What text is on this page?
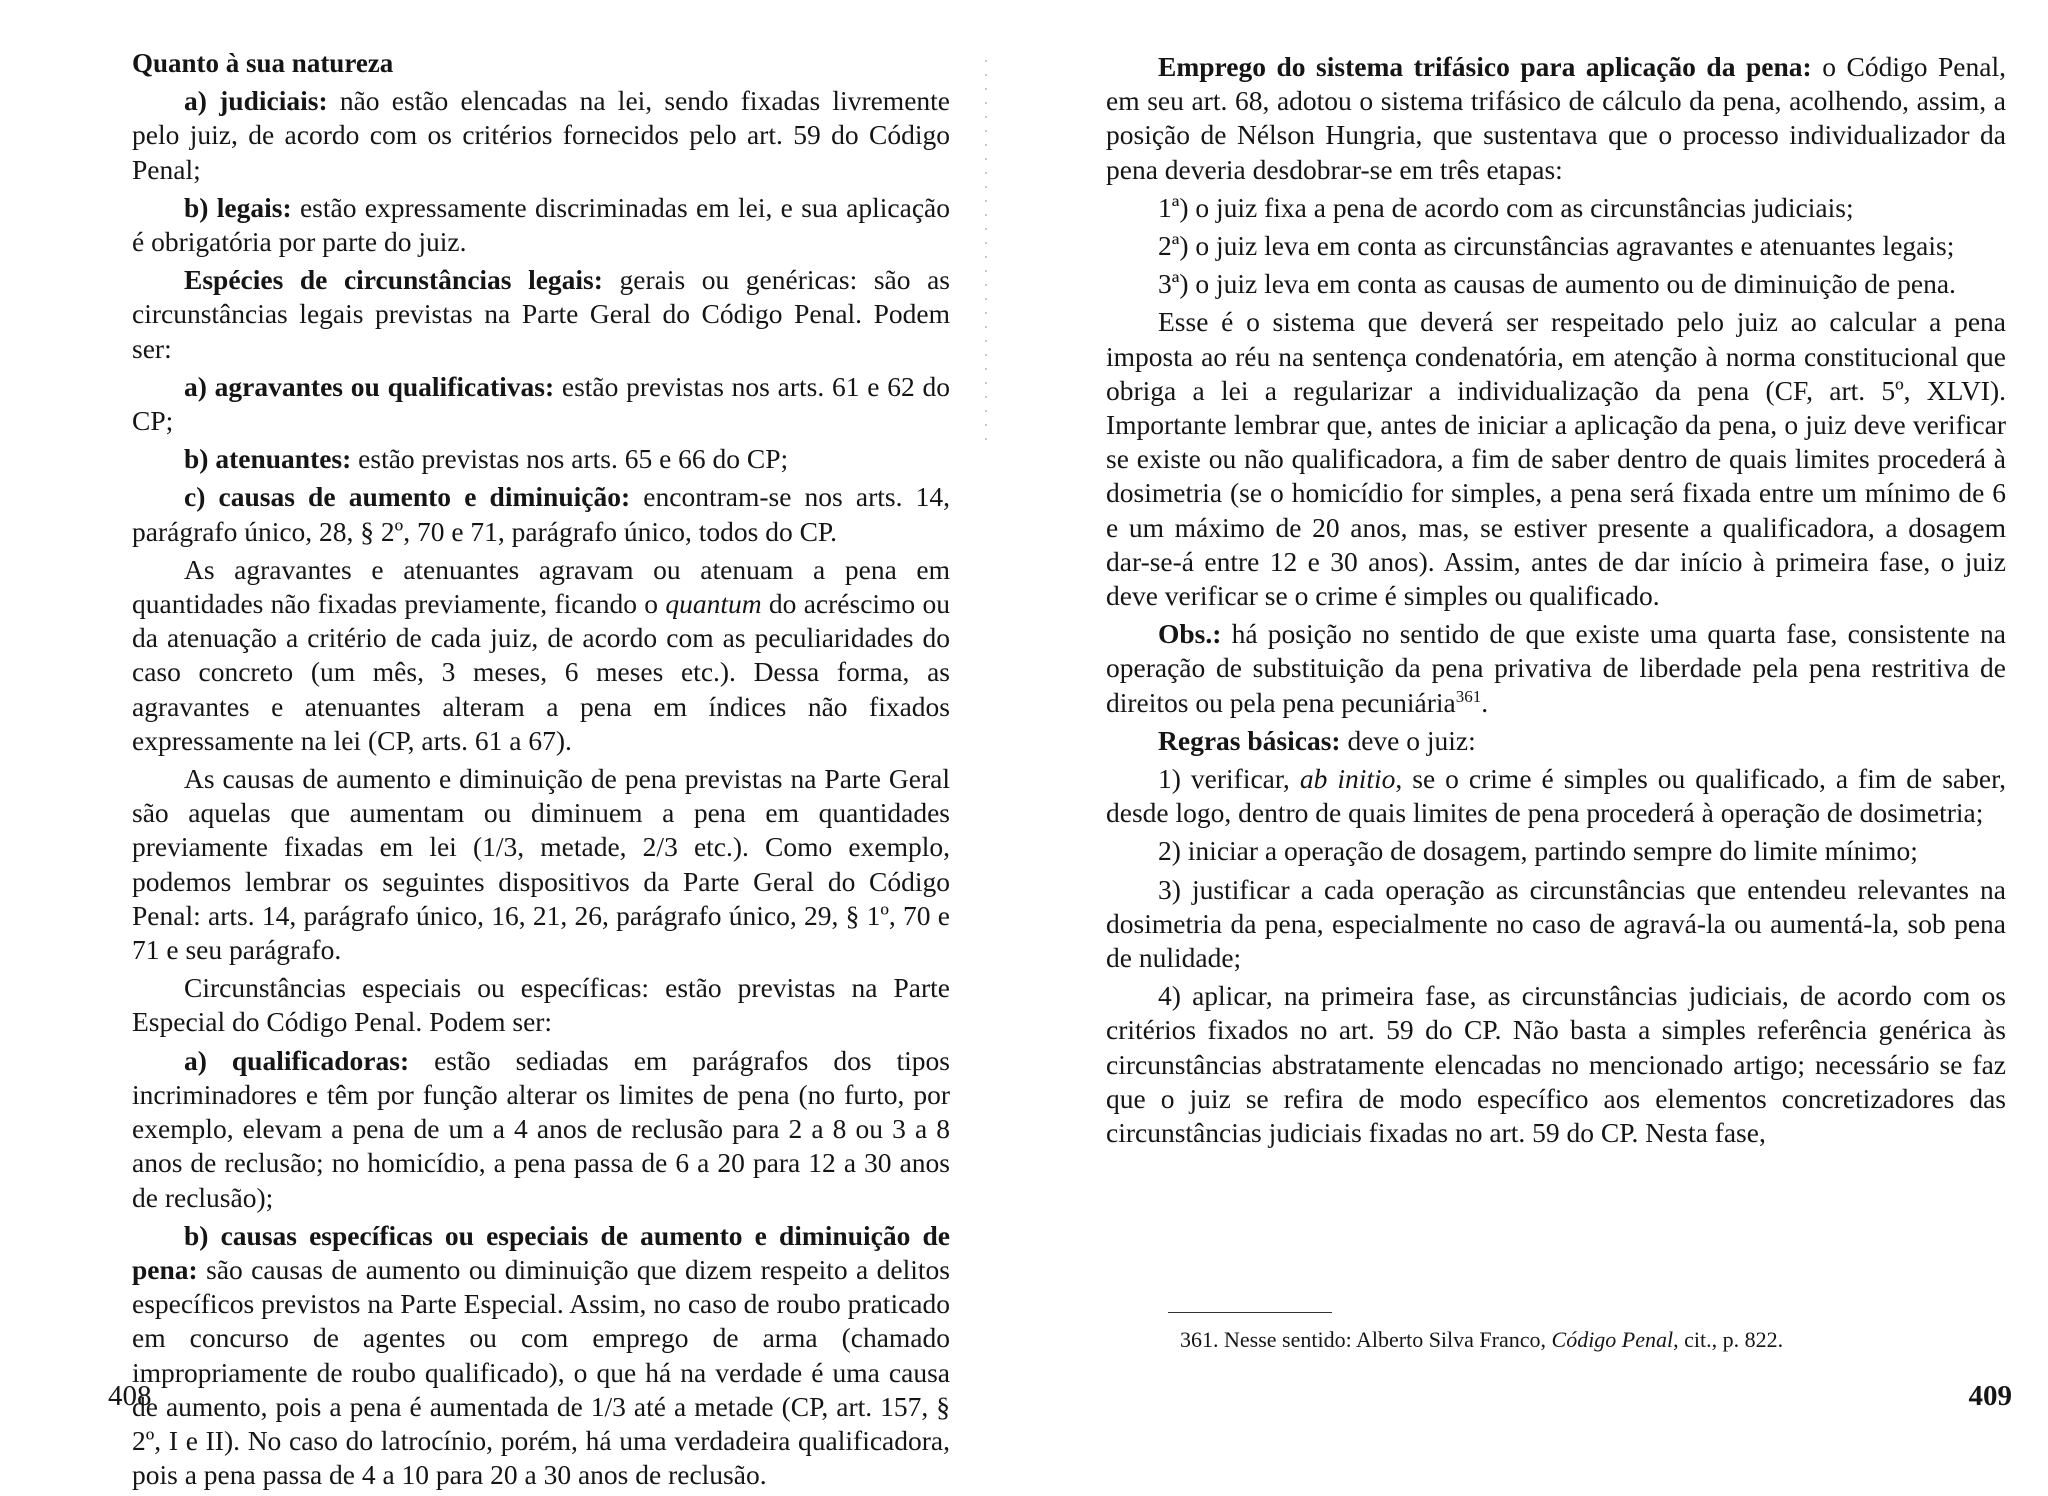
Quanto à sua natureza

a) judiciais: não estão elencadas na lei, sendo fixadas livremente pelo juiz, de acordo com os critérios fornecidos pelo art. 59 do Código Penal;

b) legais: estão expressamente discriminadas em lei, e sua aplicação é obrigatória por parte do juiz.

Espécies de circunstâncias legais: gerais ou genéricas: são as circunstâncias legais previstas na Parte Geral do Código Penal. Podem ser:

a) agravantes ou qualificativas: estão previstas nos arts. 61 e 62 do CP;

b) atenuantes: estão previstas nos arts. 65 e 66 do CP;

c) causas de aumento e diminuição: encontram-se nos arts. 14, parágrafo único, 28, § 2º, 70 e 71, parágrafo único, todos do CP.

As agravantes e atenuantes agravam ou atenuam a pena em quantidades não fixadas previamente, ficando o quantum do acréscimo ou da atenuação a critério de cada juiz, de acordo com as peculiaridades do caso concreto (um mês, 3 meses, 6 meses etc.). Dessa forma, as agravantes e atenuantes alteram a pena em índices não fixados expressamente na lei (CP, arts. 61 a 67).

As causas de aumento e diminuição de pena previstas na Parte Geral são aquelas que aumentam ou diminuem a pena em quantidades previamente fixadas em lei (1/3, metade, 2/3 etc.). Como exemplo, podemos lembrar os seguintes dispositivos da Parte Geral do Código Penal: arts. 14, parágrafo único, 16, 21, 26, parágrafo único, 29, § 1º, 70 e 71 e seu parágrafo.

Circunstâncias especiais ou específicas: estão previstas na Parte Especial do Código Penal. Podem ser:

a) qualificadoras: estão sediadas em parágrafos dos tipos incriminadores e têm por função alterar os limites de pena (no furto, por exemplo, elevam a pena de um a 4 anos de reclusão para 2 a 8 ou 3 a 8 anos de reclusão; no homicídio, a pena passa de 6 a 20 para 12 a 30 anos de reclusão);

b) causas específicas ou especiais de aumento e diminuição de pena: são causas de aumento ou diminuição que dizem respeito a delitos específicos previstos na Parte Especial. Assim, no caso de roubo praticado em concurso de agentes ou com emprego de arma (chamado impropriamente de roubo qualificado), o que há na verdade é uma causa de aumento, pois a pena é aumentada de 1/3 até a metade (CP, art. 157, § 2º, I e II). No caso do latrocínio, porém, há uma verdadeira qualificadora, pois a pena passa de 4 a 10 para 20 a 30 anos de reclusão.

408

Emprego do sistema trifásico para aplicação da pena: o Código Penal, em seu art. 68, adotou o sistema trifásico de cálculo da pena, acolhendo, assim, a posição de Nélson Hungria, que sustentava que o processo individualizador da pena deveria desdobrar-se em três etapas:

1ª) o juiz fixa a pena de acordo com as circunstâncias judiciais;

2ª) o juiz leva em conta as circunstâncias agravantes e atenuantes legais;

3ª) o juiz leva em conta as causas de aumento ou de diminuição de pena.

Esse é o sistema que deverá ser respeitado pelo juiz ao calcular a pena imposta ao réu na sentença condenatória, em atenção à norma constitucional que obriga a lei a regularizar a individualização da pena (CF, art. 5º, XLVI). Importante lembrar que, antes de iniciar a aplicação da pena, o juiz deve verificar se existe ou não qualificadora, a fim de saber dentro de quais limites procederá à dosimetria (se o homicídio for simples, a pena será fixada entre um mínimo de 6 e um máximo de 20 anos, mas, se estiver presente a qualificadora, a dosagem dar-se-á entre 12 e 30 anos). Assim, antes de dar início à primeira fase, o juiz deve verificar se o crime é simples ou qualificado.

Obs.: há posição no sentido de que existe uma quarta fase, consistente na operação de substituição da pena privativa de liberdade pela pena restritiva de direitos ou pela pena pecuniária$^{361}$.

Regras básicas: deve o juiz:

1) verificar, ab initio, se o crime é simples ou qualificado, a fim de saber, desde logo, dentro de quais limites de pena procederá à operação de dosimetria;

2) iniciar a operação de dosagem, partindo sempre do limite mínimo;

3) justificar a cada operação as circunstâncias que entendeu relevantes na dosimetria da pena, especialmente no caso de agravá-la ou aumentá-la, sob pena de nulidade;

4) aplicar, na primeira fase, as circunstâncias judiciais, de acordo com os critérios fixados no art. 59 do CP. Não basta a simples referência genérica às circunstâncias abstratamente elencadas no mencionado artigo; necessário se faz que o juiz se refira de modo específico aos elementos concretizadores das circunstâncias judiciais fixadas no art. 59 do CP. Nesta fase,

361. Nesse sentido: Alberto Silva Franco, Código Penal, cit., p. 822.
409
